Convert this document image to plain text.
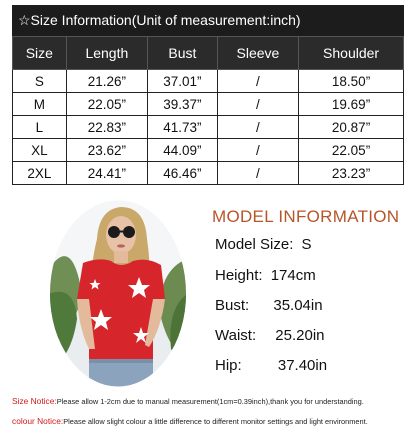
☆Size Information(Unit of measurement:inch)
Size	Length	Bust	Sleeve	Shoulder
S	21.26”	37.01”	/	18.50”
M	22.05”	39.37”	/	19.69”
L	22.83”	41.73”	/	20.87”
XL	23.62”	44.09”	/	22.05”
2XL	24.41”	46.46”	/	23.23”
MODEL INFORMATION
Model Size: S
Height: 174cm
Bust: 35.04in
Waist: 25.20in
Hip: 37.40in
Size Notice:Please allow 1-2cm due to manual measurement(1cm=0.39inch),thank you for understanding.
colour Notice:Please allow slight colour a little difference to different monitor settings and light environment.
